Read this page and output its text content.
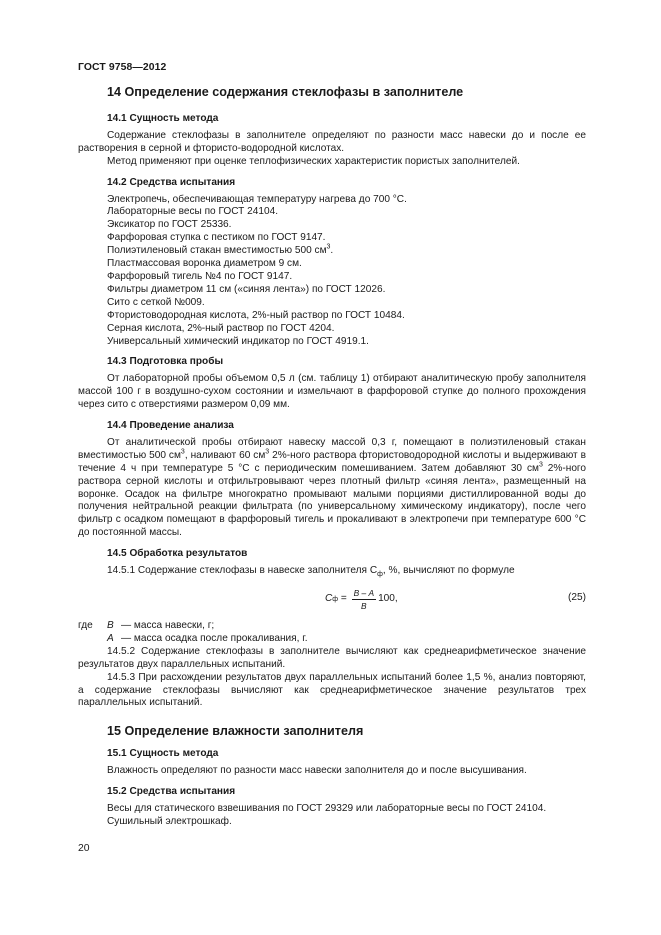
ГОСТ 9758—2012
14 Определение содержания стеклофазы в заполнителе
14.1 Сущность метода

Содержание стеклофазы в заполнителе определяют по разности масс навески до и после ее растворения в серной и фтористо-водородной кислотах.

Метод применяют при оценке теплофизических характеристик пористых заполнителей.

14.2 Средства испытания
Электропечь, обеспечивающая температуру нагрева до 700 °С.
Лабораторные весы по ГОСТ 24104.
Эксикатор по ГОСТ 25336.
Фарфоровая ступка с пестиком по ГОСТ 9147.
Полиэтиленовый стакан вместимостью 500 $см^3$.
Пластмассовая воронка диаметром 9 см.
Фарфоровый тигель №4 по ГОСТ 9147.
Фильтры диаметром 11 см («синяя лента») по ГОСТ 12026.
Сито с сеткой №009.
Фтористоводородная кислота, 2%-ный раствор по ГОСТ 10484.
Серная кислота, 2%-ный раствор по ГОСТ 4204.
Универсальный химический индикатор по ГОСТ 4919.1.
14.3 Подготовка пробы

От лабораторной пробы объемом 0,5 л (см. таблицу 1) отбирают аналитическую пробу заполнителя массой 100 г в воздушно-сухом состоянии и измельчают в фарфоровой ступке до полного прохождения через сито с отверстиями размером 0,09 мм.

14.4 Проведение анализа

От аналитической пробы отбирают навеску массой 0,3 г, помещают в полиэтиленовый стакан вместимостью 500 $см^3$, наливают 60 $см^3$ 2%-ного раствора фтористоводородной кислоты и выдерживают в течение 4 ч при температуре 5 °С с периодическим помешиванием. Затем добавляют 30 $см^3$ 2%-ного раствора серной кислоты и отфильтровывают через плотный фильтр «синяя лента», размещенный на воронке. Осадок на фильтре многократно промывают малыми порциями дистиллированной воды до получения нейтральной реакции фильтрата (по универсальному химическому индикатору), после чего фильтр с осадком помещают в фарфоровый тигель и прокаливают в электропечи при температуре 600 °С до постоянной массы.

14.5 Обработка результатов

14.5.1 Содержание стеклофазы в навеске заполнителя $С_ф$, %, вычисляют по формуле

С $ф = \frac{В - А}{В} 100$,	(25)
где	В — масса навески, г;
А — масса осадка после прокаливания, г.

14.5.2 Содержание стеклофазы в заполнителе вычисляют как среднеарифметическое значение результатов двух параллельных испытаний.

14.5.3 При расхождении результатов двух параллельных испытаний более 1,5 %, анализ повторяют, а содержание стеклофазы вычисляют как среднеарифметическое значение результатов трех параллельных испытаний.

15 Определение влажности заполнителя
15.1 Сущность метода

Влажность определяют по разности масс навески заполнителя до и после высушивания.

15.2 Средства испытания
Весы для статического взвешивания по ГОСТ 29329 или лабораторные весы по ГОСТ 24104.
Сушильный электрошкаф.
20
